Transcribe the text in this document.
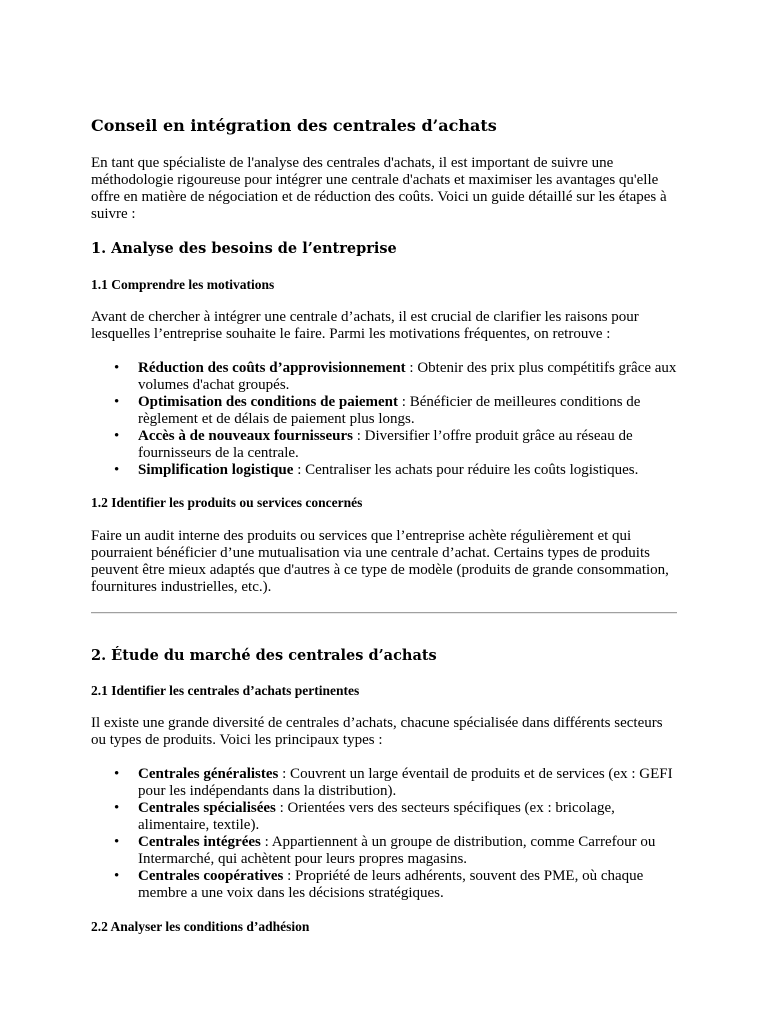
Conseil en intégration des centrales d’achats

En tant que spécialiste de l'analyse des centrales d'achats, il est important de suivre une méthodologie rigoureuse pour intégrer une centrale d'achats et maximiser les avantages qu'elle offre en matière de négociation et de réduction des coûts. Voici un guide détaillé sur les étapes à suivre :

1. Analyse des besoins de l’entreprise
1.1 Comprendre les motivations

Avant de chercher à intégrer une centrale d’achats, il est crucial de clarifier les raisons pour lesquelles l’entreprise souhaite le faire. Parmi les motivations fréquentes, on retrouve :

• Réduction des coûts d’approvisionnement : Obtenir des prix plus compétitifs grâce aux volumes d'achat groupés.
• Optimisation des conditions de paiement : Bénéficier de meilleures conditions de règlement et de délais de paiement plus longs.
• Accès à de nouveaux fournisseurs : Diversifier l’offre produit grâce au réseau de fournisseurs de la centrale.
• Simplification logistique : Centraliser les achats pour réduire les coûts logistiques.
1.2 Identifier les produits ou services concernés

Faire un audit interne des produits ou services que l’entreprise achète régulièrement et qui pourraient bénéficier d’une mutualisation via une centrale d’achat. Certains types de produits peuvent être mieux adaptés que d'autres à ce type de modèle (produits de grande consommation, fournitures industrielles, etc.).

2. Étude du marché des centrales d’achats
2.1 Identifier les centrales d’achats pertinentes

Il existe une grande diversité de centrales d’achats, chacune spécialisée dans différents secteurs ou types de produits. Voici les principaux types :

• Centrales généralistes : Couvrent un large éventail de produits et de services (ex : GEFI pour les indépendants dans la distribution).
• Centrales spécialisées : Orientées vers des secteurs spécifiques (ex : bricolage, alimentaire, textile).
• Centrales intégrées : Appartiennent à un groupe de distribution, comme Carrefour ou Intermarché, qui achètent pour leurs propres magasins.
• Centrales coopératives : Propriété de leurs adhérents, souvent des PME, où chaque membre a une voix dans les décisions stratégiques.
2.2 Analyser les conditions d’adhésion
